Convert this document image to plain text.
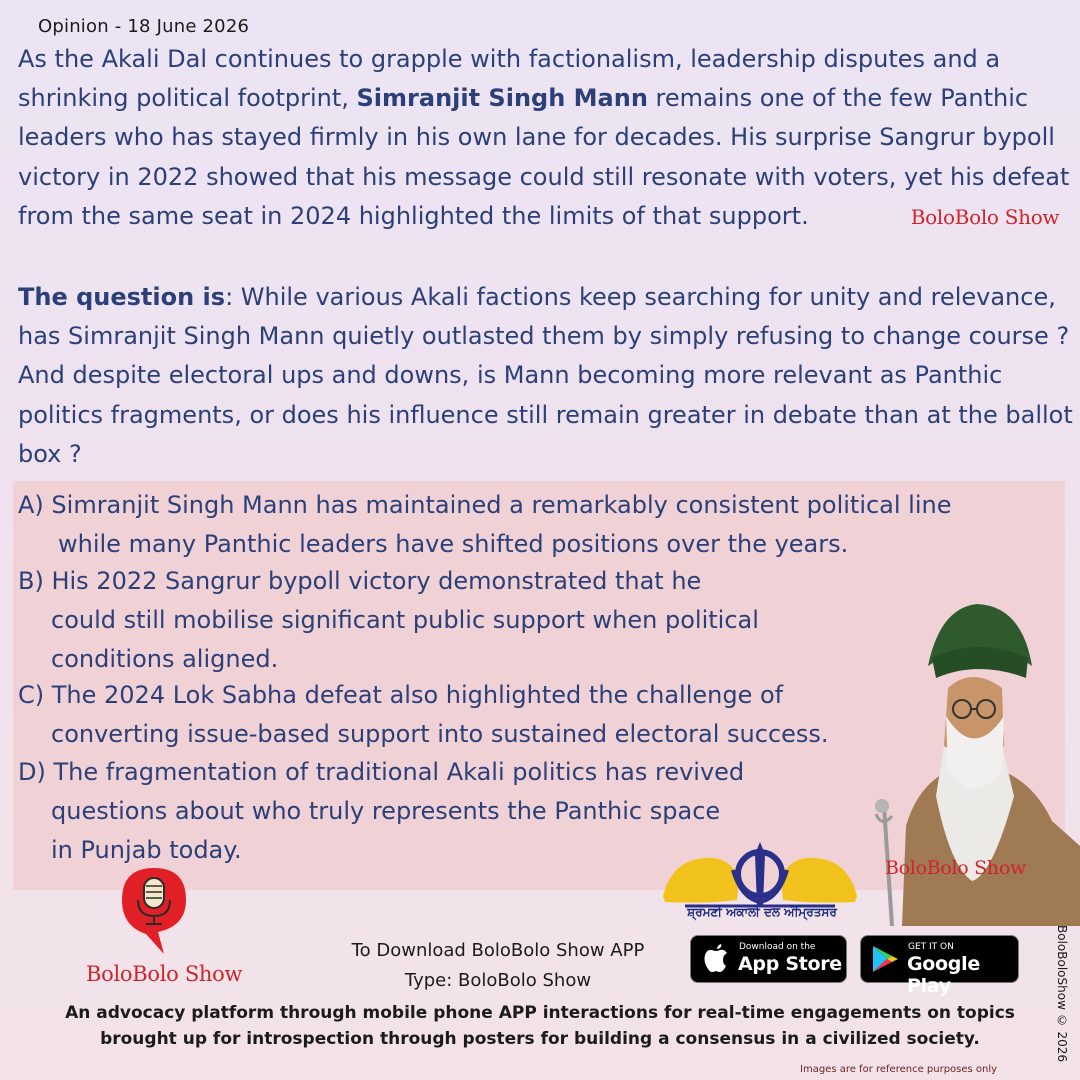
Opinion - 18 June 2026
As the Akali Dal continues to grapple with factionalism, leadership disputes and a shrinking political footprint, Simranjit Singh Mann remains one of the few Panthic leaders who has stayed firmly in his own lane for decades. His surprise Sangrur bypoll victory in 2022 showed that his message could still resonate with voters, yet his defeat from the same seat in 2024 highlighted the limits of that support.	BoloBolo Show
The question is: While various Akali factions keep searching for unity and relevance, has Simranjit Singh Mann quietly outlasted them by simply refusing to change course ? And despite electoral ups and downs, is Mann becoming more relevant as Panthic politics fragments, or does his influence still remain greater in debate than at the ballot box ?
A) Simranjit Singh Mann has maintained a remarkably consistent political line
while many Panthic leaders have shifted positions over the years.
B) His 2022 Sangrur bypoll victory demonstrated that he
could still mobilise significant public support when political
conditions aligned.
C) The 2024 Lok Sabha defeat also highlighted the challenge of
converting issue-based support into sustained electoral success.
D) The fragmentation of traditional Akali politics has revived
questions about who truly represents the Panthic space
in Punjab today.
BoloBolo Show
ਸ਼੍ਰੋਮਣੀ ਅਕਾਲੀ ਦਲ ਅੰਮ੍ਰਿਤਸਰ
BoloBolo Show
To Download BoloBolo Show APP
Type: BoloBolo Show
Download on the
App Store
GET IT ON
Google Play
An advocacy platform through mobile phone APP interactions for real-time engagements on topics
brought up for introspection through posters for building a consensus in a civilized society.	BoloBoloShow © 2026
Images are for reference purposes only
